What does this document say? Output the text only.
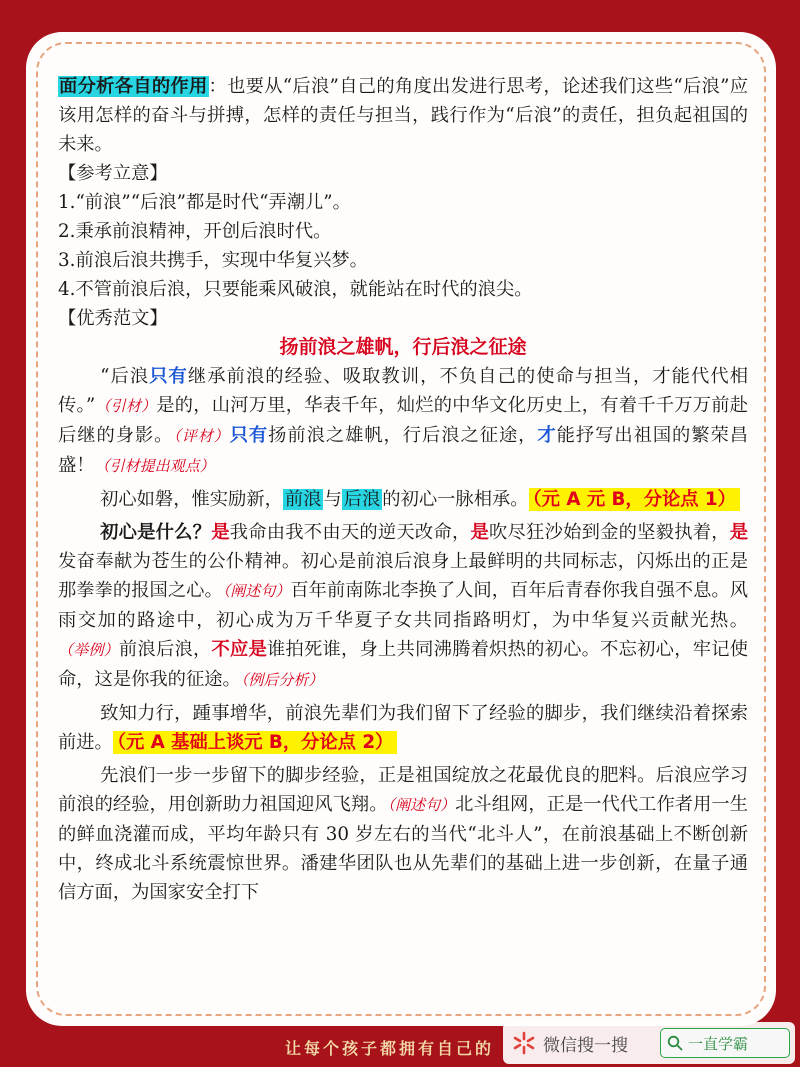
面分析各自的作用：也要从“后浪”自己的角度出发进行思考，论述我们这些“后浪”应该用怎样的奋斗与拼搏，怎样的责任与担当，践行作为“后浪”的责任，担负起祖国的未来。

【参考立意】

1.“前浪”“后浪”都是时代“弄潮儿”。

2.秉承前浪精神，开创后浪时代。

3.前浪后浪共携手，实现中华复兴梦。

4.不管前浪后浪，只要能乘风破浪，就能站在时代的浪尖。

【优秀范文】

扬前浪之雄帆，行后浪之征途

“后浪只有继承前浪的经验、吸取教训，不负自己的使命与担当，才能代代相传。”（引材）是的，山河万里，华表千年，灿烂的中华文化历史上，有着千千万万前赴后继的身影。（评材）只有扬前浪之雄帆，行后浪之征途，才能抒写出祖国的繁荣昌盛！（引材提出观点）

初心如磐，惟实励新， 前浪 与 后浪 的初心一脉相承。 （元 A 元 B，分论点 1）

初心是什么？是我命由我不由天的逆天改命，是吹尽狂沙始到金的坚毅执着，是发奋奉献为苍生的公仆精神。初心是前浪后浪身上最鲜明的共同标志，闪烁出的正是那拳拳的报国之心。（阐述句）百年前南陈北李换了人间，百年后青春你我自强不息。风雨交加的路途中，初心成为万千华夏子女共同指路明灯，为中华复兴贡献光热。（举例）前浪后浪，不应是谁拍死谁，身上共同沸腾着炽热的初心。不忘初心，牢记使命，这是你我的征途。（例后分析）

致知力行，踵事增华，前浪先辈们为我们留下了经验的脚步，我们继续沿着探索前进。 （元 A 基础上谈元 B，分论点 2）

先浪们一步一步留下的脚步经验，正是祖国绽放之花最优良的肥料。后浪应学习前浪的经验，用创新助力祖国迎风飞翔。（阐述句）北斗组网，正是一代代工作者用一生的鲜血浇灌而成，平均年龄只有 30 岁左右的当代“北斗人”，在前浪基础上不断创新中，终成北斗系统震惊世界。潘建华团队也从先辈们的基础上进一步创新，在量子通信方面，为国家安全打下

让每个孩子都拥有自己的	微信搜一搜	一直学霸
